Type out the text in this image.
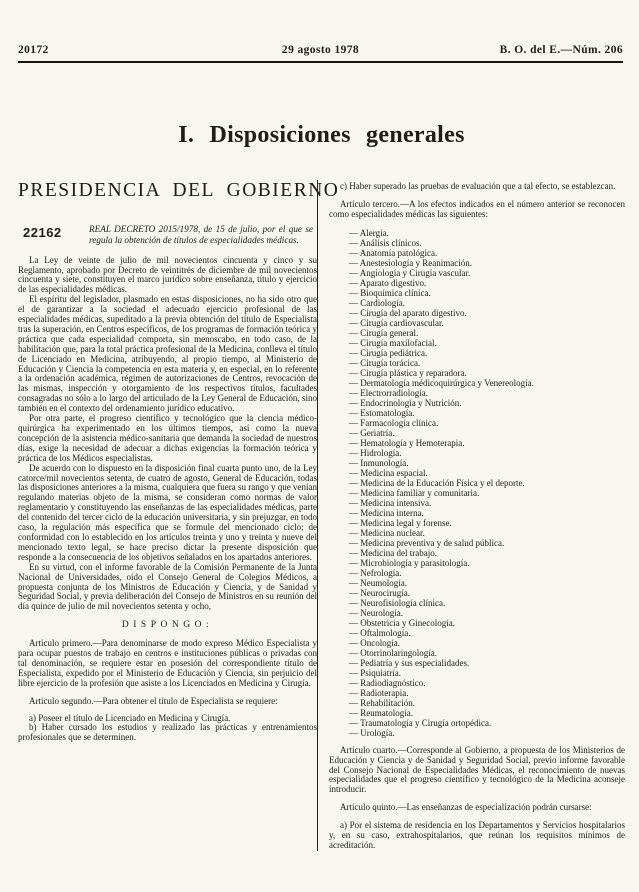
20172	29 agosto 1978	B. O. del E.—Núm. 206
I. Disposiciones generales
PRESIDENCIA DEL GOBIERNO
22162	REAL DECRETO 2015/1978, de 15 de julio, por el que se regula la obtención de títulos de especialidades médicas.

La Ley de veinte de julio de mil novecientos cincuenta y cinco y su Reglamento, aprobado por Decreto de veintitrés de diciembre de mil novecientos cincuenta y siete, constituyen el marco jurídico sobre enseñanza, título y ejercicio de las especialidades médicas.

El espíritu del legislador, plasmado en estas disposiciones, no ha sido otro que el de garantizar a la sociedad el adecuado ejercicio profesional de las especialidades médicas, supeditado a la previa obtención del título de Especialista tras la superación, en Centros específicos, de los programas de formación teórica y práctica que cada especialidad comporta, sin menoscabo, en todo caso, de la habilitación que, para la total práctica profesional de la Medicina, conlleva el título de Licenciado en Medicina, atribuyendo, al propio tiempo, al Ministerio de Educación y Ciencia la competencia en esta materia y, en especial, en lo referente a la ordenación académica, régimen de autorizaciones de Centros, revocación de las mismas, inspección y otorgamiento de los respectivos títulos, facultades consagradas no sólo a lo largo del articulado de la Ley General de Educación, sino también en el contexto del ordenamiento jurídico educativo.

Por otra parte, el progreso científico y tecnológico que la ciencia médico-quirúrgica ha experimentado en los últimos tiempos, así como la nueva concepción de la asistencia médico-sanitaria que demanda la sociedad de nuestros días, exige la necesidad de adecuar a dichas exigencias la formación teórica y práctica de los Médicos especialistas.

De acuerdo con lo dispuesto en la disposición final cuarta punto uno, de la Ley catorce/mil novecientos setenta, de cuatro de agosto, General de Educación, todas las disposiciones anteriores a la misma, cualquiera que fuera su rango y que venían regulando materias objeto de la misma, se consideran como normas de valor reglamentario y constituyendo las enseñanzas de las especialidades médicas, parte del contenido del tercer ciclo de la educación universitaria, y sin prejuzgar, en todo caso, la regulación más específica que se formule del mencionado ciclo; de conformidad con lo establecido en los artículos treinta y uno y treinta y nueve del mencionado texto legal, se hace preciso dictar la presente disposición que responde a la consecuencia de los objetivos señalados en los apartados anteriores.

En su virtud, con el informe favorable de la Comisión Permanente de la Junta Nacional de Universidades, oído el Consejo General de Colegios Médicos, a propuesta conjunta de los Ministros de Educación y Ciencia, y de Sanidad y Seguridad Social, y previa deliberación del Consejo de Ministros en su reunión del día quince de julio de mil novecientos setenta y ocho,

DISPONGO:

Artículo primero.—Para denominarse de modo expreso Médico Especialista y para ocupar puestos de trabajo en centros e instituciones públicas o privadas con tal denominación, se requiere estar en posesión del correspondiente título de Especialista, expedido por el Ministerio de Educación y Ciencia, sin perjuicio del libre ejercicio de la profesión que asiste a los Licenciados en Medicina y Cirugía.

Artículo segundo.—Para obtener el título de Especialista se requiere:

a) Poseer el título de Licenciado en Medicina y Cirugía.

b) Haber cursado los estudios y realizado las prácticas y entrenamientos profesionales que se determinen.

c) Haber superado las pruebas de evaluación que a tal efecto, se establezcan.

Artículo tercero.—A los efectos indicados en el número anterior se reconocen como especialidades médicas las siguientes:

— Alergia.
— Análisis clínicos.
— Anatomía patológica.
— Anestesiología y Reanimación.
— Angiología y Cirugía vascular.
— Aparato digestivo.
— Bioquímica clínica.
— Cardiología.
— Cirugía del aparato digestivo.
— Cirugía cardiovascular.
— Cirugía general.
— Cirugía maxilofacial.
— Cirugía pediátrica.
— Cirugía torácica.
— Cirugía plástica y reparadora.
— Dermatología médicoquirúrgica y Venereología.
— Electrorradiología.
— Endocrinología y Nutrición.
— Estomatología.
— Farmacología clínica.
— Geriatría.
— Hematología y Hemoterapia.
— Hidrología.
— Inmunología.
— Medicina espacial.
— Medicina de la Educación Física y el deporte.
— Medicina familiar y comunitaria.
— Medicina intensiva.
— Medicina interna.
— Medicina legal y forense.
— Medicina nuclear.
— Medicina preventiva y de salud pública.
— Medicina del trabajo.
— Microbiología y parasitología.
— Nefrología.
— Neumología.
— Neurocirugía.
— Neurofisiología clínica.
— Neurología.
— Obstetricia y Ginecología.
— Oftalmología.
— Oncología.
— Otorrinolaringología.
— Pediatría y sus especialidades.
— Psiquiatría.
— Radiodiagnóstico.
— Radioterapia.
— Rehabilitación.
— Reumatología.
— Traumatología y Cirugía ortopédica.
— Urología.

Artículo cuarto.—Corresponde al Gobierno, a propuesta de los Ministerios de Educación y Ciencia y de Sanidad y Seguridad Social, previo informe favorable del Consejo Nacional de Especialidades Médicas, el reconocimiento de nuevas especialidades que el progreso científico y tecnológico de la Medicina aconseje introducir.

Artículo quinto.—Las enseñanzas de especialización podrán cursarse:

a) Por el sistema de residencia en los Departamentos y Servicios hospitalarios y, en su caso, extrahospitalarios, que reúnan los requisitos mínimos de acreditación.
